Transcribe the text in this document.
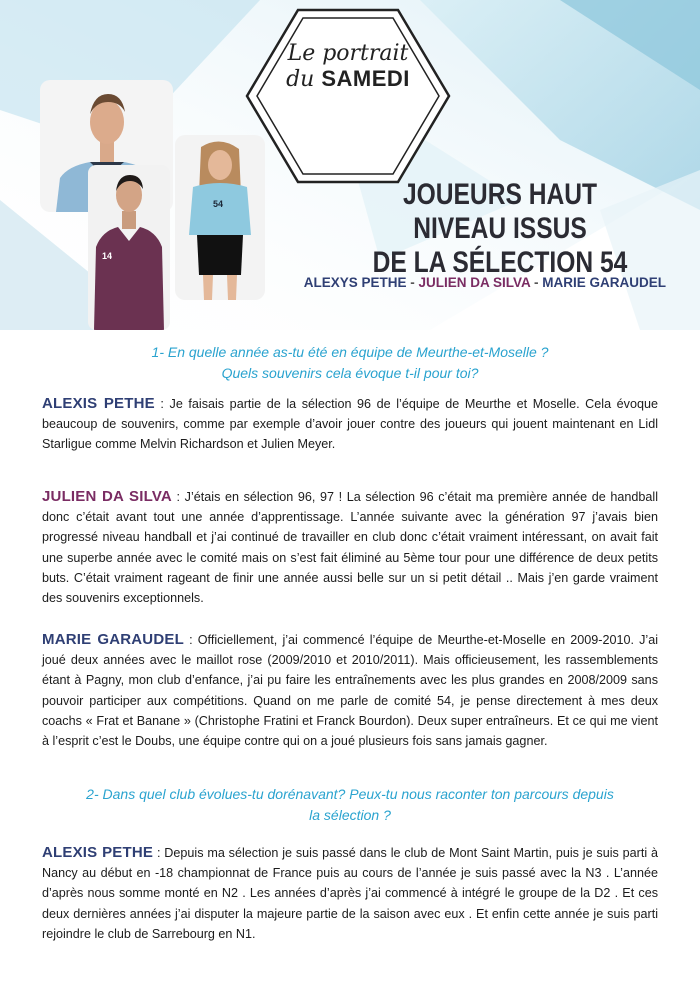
Le portrait
du SAMEDI
54
14
JOUEURS HAUT NIVEAU ISSUS
DE LA SÉLECTION 54
ALEXYS PETHE - JULIEN DA SILVA - MARIE GARAUDEL
1- En quelle année as-tu été en équipe de Meurthe-et-Moselle ?
Quels souvenirs cela évoque t-il pour toi?
ALEXIS PETHE : Je faisais partie de la sélection 96 de l’équipe de Meurthe et Moselle. Cela évoque beaucoup de souvenirs, comme par exemple d’avoir jouer contre des joueurs qui jouent maintenant en Lidl Starligue comme Melvin Richardson et Julien Meyer.
JULIEN DA SILVA : J’étais en sélection 96, 97 ! La sélection 96 c’était ma première année de handball donc c’était avant tout une année d’apprentissage. L’année suivante avec la génération 97 j’avais bien progressé niveau handball et j’ai continué de travailler en club donc c’était vraiment intéressant, on avait fait une superbe année avec le comité mais on s’est fait éliminé au 5ème tour pour une différence de deux petits buts. C’était vraiment rageant de finir une année aussi belle sur un si petit détail .. Mais j’en garde vraiment des souvenirs exceptionnels.
MARIE GARAUDEL : Officiellement, j’ai commencé l’équipe de Meurthe-et-Moselle en 2009-2010. J’ai joué deux années avec le maillot rose (2009/2010 et 2010/2011). Mais officieusement, les rassemblements étant à Pagny, mon club d’enfance, j’ai pu faire les entraînements avec les plus grandes en 2008/2009 sans pouvoir participer aux compétitions. Quand on me parle de comité 54, je pense directement à mes deux coachs « Frat et Banane » (Christophe Fratini et Franck Bourdon). Deux super entraîneurs. Et ce qui me vient à l’esprit c’est le Doubs, une équipe contre qui on a joué plusieurs fois sans jamais gagner.
2- Dans quel club évolues-tu dorénavant? Peux-tu nous raconter ton parcours depuis
la sélection ?
ALEXIS PETHE : Depuis ma sélection je suis passé dans le club de Mont Saint Martin, puis je suis parti à Nancy au début en -18 championnat de France puis au cours de l’année je suis passé avec la N3 . L’année d’après nous somme monté en N2 . Les années d’après j’ai commencé à intégré le groupe de la D2 . Et ces deux dernières années j’ai disputer la majeure partie de la saison avec eux . Et enfin cette année je suis parti rejoindre le club de Sarrebourg en N1.
